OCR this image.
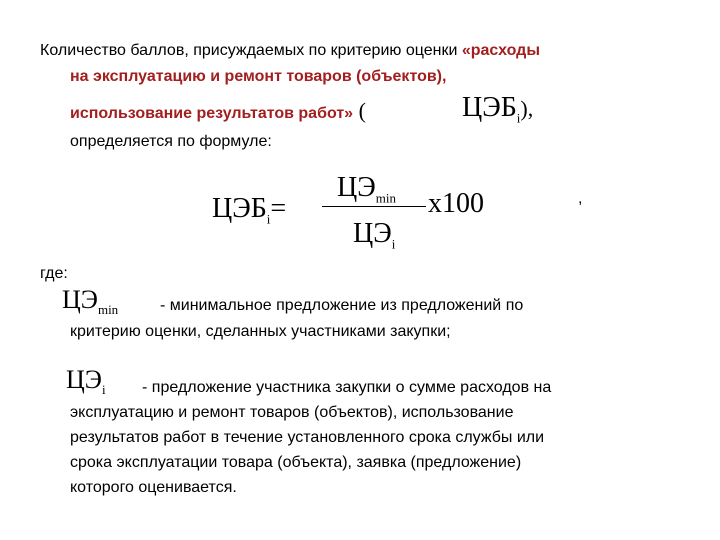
Количество баллов, присуждаемых по критерию оценки «расходы
на эксплуатацию и ремонт товаров (объектов),
использование результатов работ» (	$ЦЭБ_i$),
определяется по формуле:
$ЦЭБ_i=$
$ЦЭ_{min}$ х100
$ЦЭ_i$
,
где:
$ЦЭ_{min}$	- минимальное предложение из предложений по
критерию оценки, сделанных участниками закупки;
$ЦЭ_i$ - предложение участника закупки о сумме расходов на
эксплуатацию и ремонт товаров (объектов), использование
результатов работ в течение установленного срока службы или
срока эксплуатации товара (объекта), заявка (предложение)
которого оценивается.
